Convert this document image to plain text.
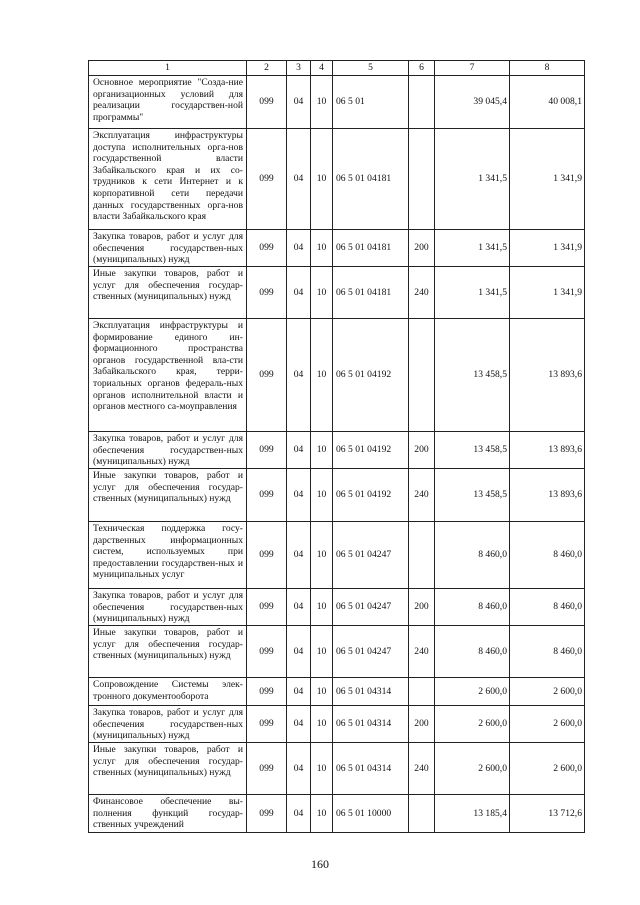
1	2	3	4	5	6	7	8
Основное мероприятие "Созда-ние организационных условий для реализации государствен-ной программы"	099	04	10	06 5 01		39 045,4	40 008,1
Эксплуатация инфраструктуры доступа исполнительных орга-нов государственной власти Забайкальского края и их со-трудников к сети Интернет и к корпоративной сети передачи данных государственных орга-нов власти Забайкальского края	099	04	10	06 5 01 04181		1 341,5	1 341,9
Закупка товаров, работ и услуг для обеспечения государствен-ных (муниципальных) нужд	099	04	10	06 5 01 04181	200	1 341,5	1 341,9
Иные закупки товаров, работ и услуг для обеспечения государ-ственных (муниципальных) нужд	099	04	10	06 5 01 04181	240	1 341,5	1 341,9
Эксплуатация инфраструктуры и формирование единого ин-формационного пространства органов государственной вла-сти Забайкальского края, терри-ториальных органов федераль-ных органов исполнительной власти и органов местного са-моуправления	099	04	10	06 5 01 04192		13 458,5	13 893,6
Закупка товаров, работ и услуг для обеспечения государствен-ных (муниципальных) нужд	099	04	10	06 5 01 04192	200	13 458,5	13 893,6
Иные закупки товаров, работ и услуг для обеспечения государ-ственных (муниципальных) нужд	099	04	10	06 5 01 04192	240	13 458,5	13 893,6
Техническая поддержка госу-дарственных информационных систем, используемых при предоставлении государствен-ных и муниципальных услуг	099	04	10	06 5 01 04247		8 460,0	8 460,0
Закупка товаров, работ и услуг для обеспечения государствен-ных (муниципальных) нужд	099	04	10	06 5 01 04247	200	8 460,0	8 460,0
Иные закупки товаров, работ и услуг для обеспечения государ-ственных (муниципальных) нужд	099	04	10	06 5 01 04247	240	8 460,0	8 460,0
Сопровождение Системы элек-тронного документооборота	099	04	10	06 5 01 04314		2 600,0	2 600,0
Закупка товаров, работ и услуг для обеспечения государствен-ных (муниципальных) нужд	099	04	10	06 5 01 04314	200	2 600,0	2 600,0
Иные закупки товаров, работ и услуг для обеспечения государ-ственных (муниципальных) нужд	099	04	10	06 5 01 04314	240	2 600,0	2 600,0
Финансовое обеспечение вы-полнения функций государ-ственных учреждений	099	04	10	06 5 01 10000		13 185,4	13 712,6
160
